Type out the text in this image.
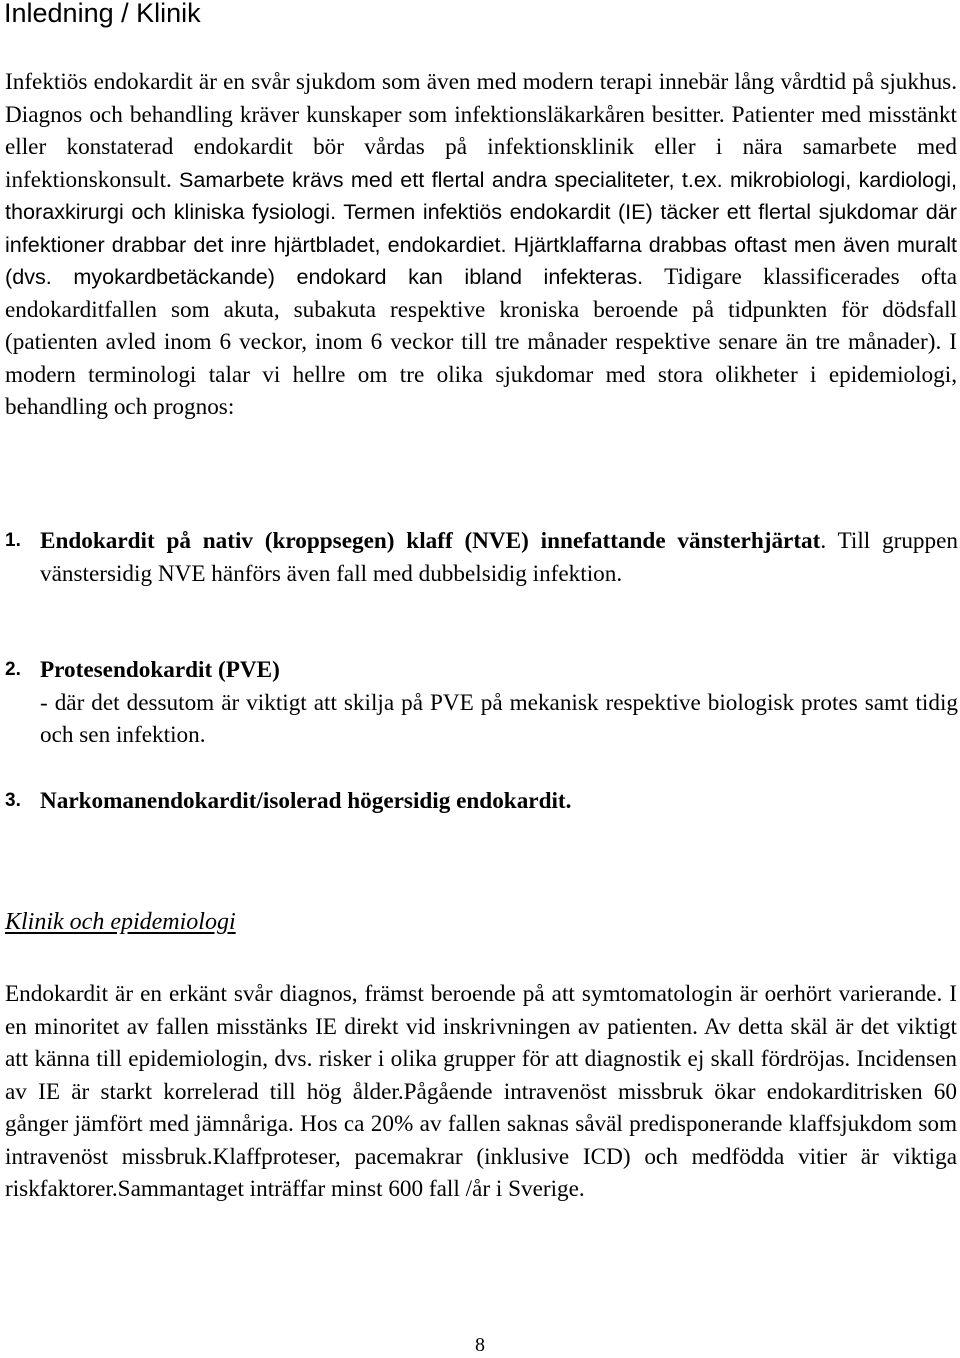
Inledning / Klinik

Infektiös endokardit är en svår sjukdom som även med modern terapi innebär lång vårdtid på sjukhus. Diagnos och behandling kräver kunskaper som infektionsläkarkåren besitter. Patienter med misstänkt eller konstaterad endokardit bör vårdas på infektionsklinik eller i nära samarbete med infektionskonsult. Samarbete krävs med ett flertal andra specialiteter, t.ex. mikrobiologi, kardiologi, thoraxkirurgi och kliniska fysiologi. Termen infektiös endokardit (IE) täcker ett flertal sjukdomar där infektioner drabbar det inre hjärtbladet, endokardiet. Hjärtklaffarna drabbas oftast men även muralt (dvs. myokardbetäckande) endokard kan ibland infekteras. Tidigare klassificerades ofta endokarditfallen som akuta, subakuta respektive kroniska beroende på tidpunkten för dödsfall (patienten avled inom 6 veckor, inom 6 veckor till tre månader respektive senare än tre månader). I modern terminologi talar vi hellre om tre olika sjukdomar med stora olikheter i epidemiologi, behandling och prognos:

1. Endokardit på nativ (kroppsegen) klaff (NVE) innefattande vänsterhjärtat. Till gruppen vänstersidig NVE hänförs även fall med dubbelsidig infektion.
2. Protesendokardit (PVE)
- där det dessutom är viktigt att skilja på PVE på mekanisk respektive biologisk protes samt tidig och sen infektion.
3. Narkomanendokardit/isolerad högersidig endokardit.
Klinik och epidemiologi

Endokardit är en erkänt svår diagnos, främst beroende på att symtomatologin är oerhört varierande. I en minoritet av fallen misstänks IE direkt vid inskrivningen av patienten. Av detta skäl är det viktigt att känna till epidemiologin, dvs. risker i olika grupper för att diagnostik ej skall fördröjas. Incidensen av IE är starkt korrelerad till hög ålder.Pågående intravenöst missbruk ökar endokarditrisken 60 gånger jämfört med jämnåriga. Hos ca 20% av fallen saknas såväl predisponerande klaffsjukdom som intravenöst missbruk.Klaffproteser, pacemakrar (inklusive ICD) och medfödda vitier är viktiga riskfaktorer.Sammantaget inträffar minst 600 fall /år i Sverige.

8
